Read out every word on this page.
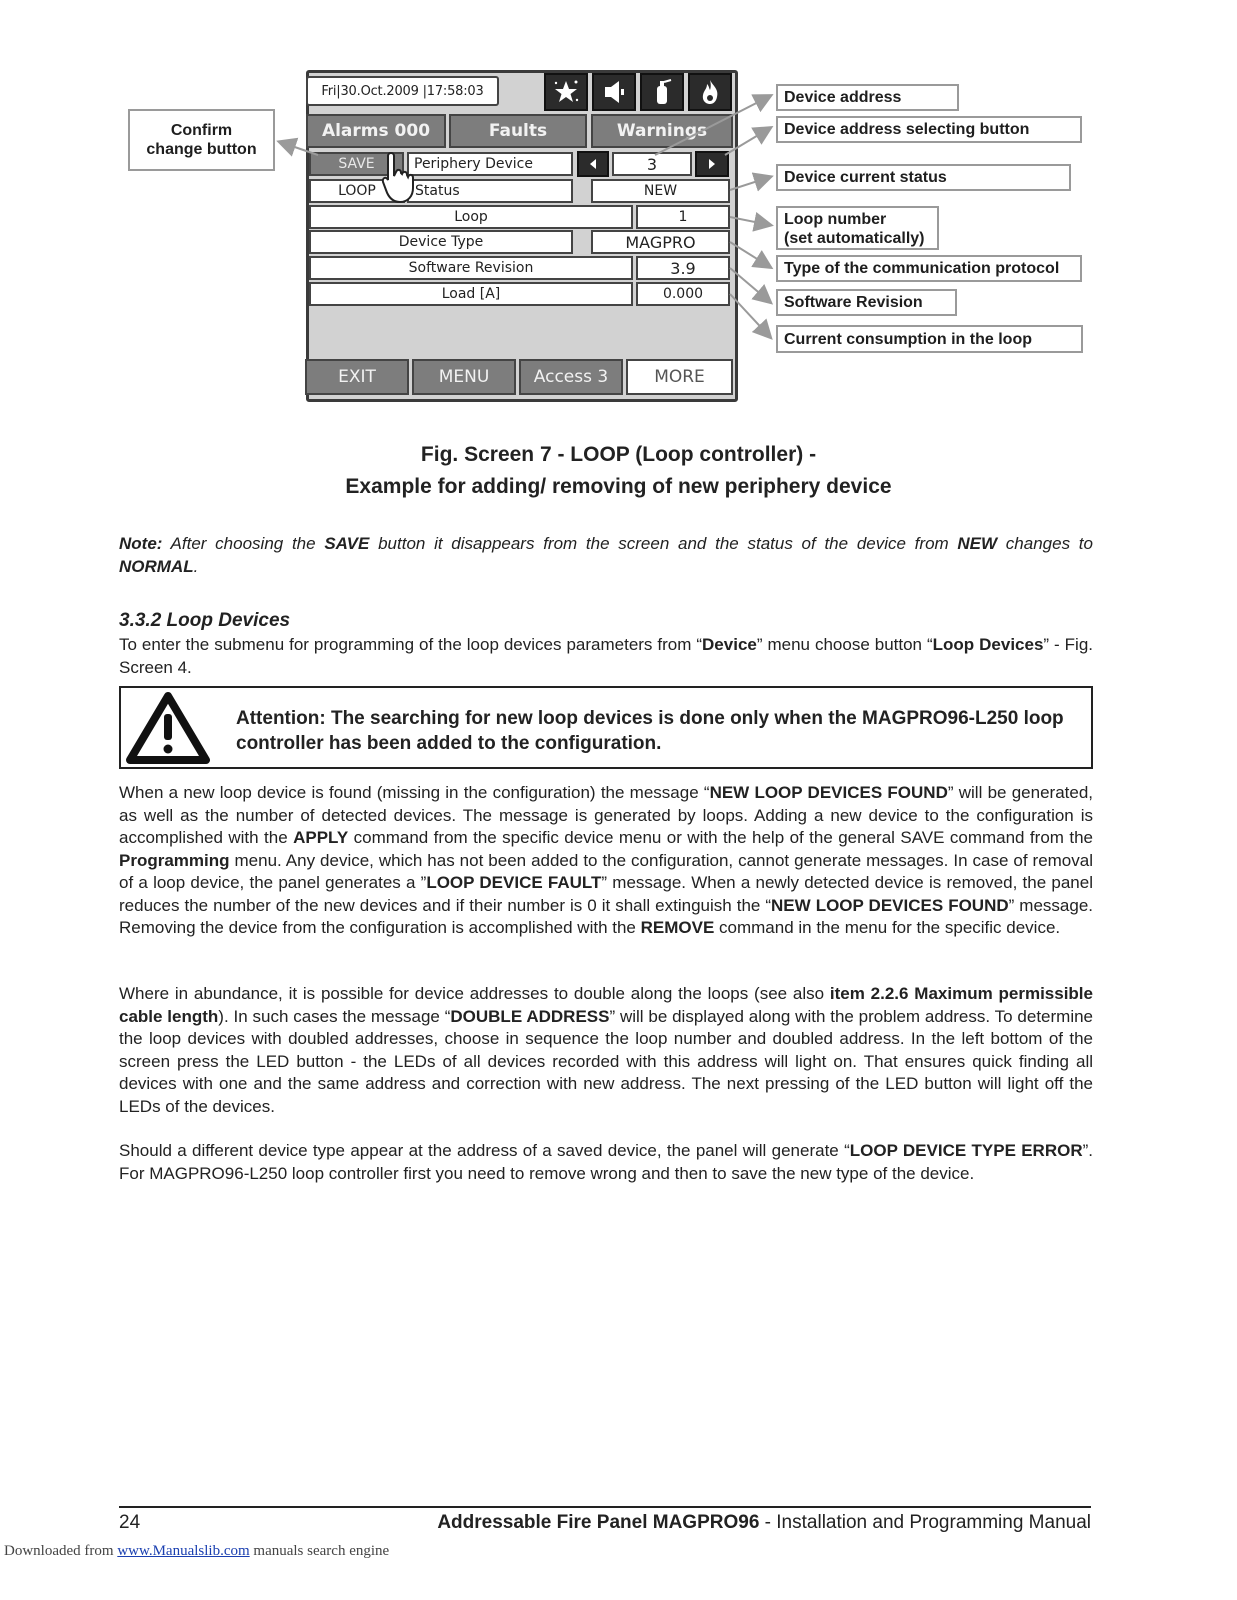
Fri|30.Oct.2009 |17:58:03
Alarms 000	Faults	Warnings
SAVE	Periphery Device	3
LOOP	Status	NEW
Loop	1
Device Type	MAGPRO
Software Revision	3.9
Load [A]	0.000
EXIT	MENU	Access 3	MORE
Confirm
change button
Device address
Device address selecting button
Device current status
Loop number
(set automatically)
Type of the communication protocol
Software Revision
Current consumption in the loop
Fig. Screen 7 - LOOP (Loop controller) -
Example for adding/ removing of new periphery device
Note: After choosing the SAVE button it disappears from the screen and the status of the device from NEW changes to NORMAL.
3.3.2 Loop Devices
To enter the submenu for programming of the loop devices parameters from “Device” menu choose button “Loop Devices” - Fig. Screen 4.
Attention: The searching for new loop devices is done only when the MAGPRO96-L250 loop controller has been added to the configuration.
When a new loop device is found (missing in the configuration) the message “NEW LOOP DEVICES FOUND” will be generated, as well as the number of detected devices. The message is generated by loops. Adding a new device to the configuration is accomplished with the APPLY command from the specific device menu or with the help of the general SAVE command from the Programming menu. Any device, which has not been added to the configuration, cannot generate messages. In case of removal of a loop device, the panel generates a ”LOOP DEVICE FAULT” message. When a newly detected device is removed, the panel reduces the number of the new devices and if their number is 0 it shall extinguish the “NEW LOOP DEVICES FOUND” message. Removing the device from the configuration is accomplished with the REMOVE command in the menu for the specific device.
Where in abundance, it is possible for device addresses to double along the loops (see also item 2.2.6 Maximum permissible cable length). In such cases the message “DOUBLE ADDRESS” will be displayed along with the problem address. To determine the loop devices with doubled addresses, choose in sequence the loop number and doubled address. In the left bottom of the screen press the LED button - the LEDs of all devices recorded with this address will light on. That ensures quick finding all devices with one and the same address and correction with new address. The next pressing of the LED button will light off the LEDs of the devices.
Should a different device type appear at the address of a saved device, the panel will generate “LOOP DEVICE TYPE ERROR”. For MAGPRO96-L250 loop controller first you need to remove wrong and then to save the new type of the device.
24	Addressable Fire Panel MAGPRO96 - Installation and Programming Manual
Downloaded from www.Manualslib.com manuals search engine
